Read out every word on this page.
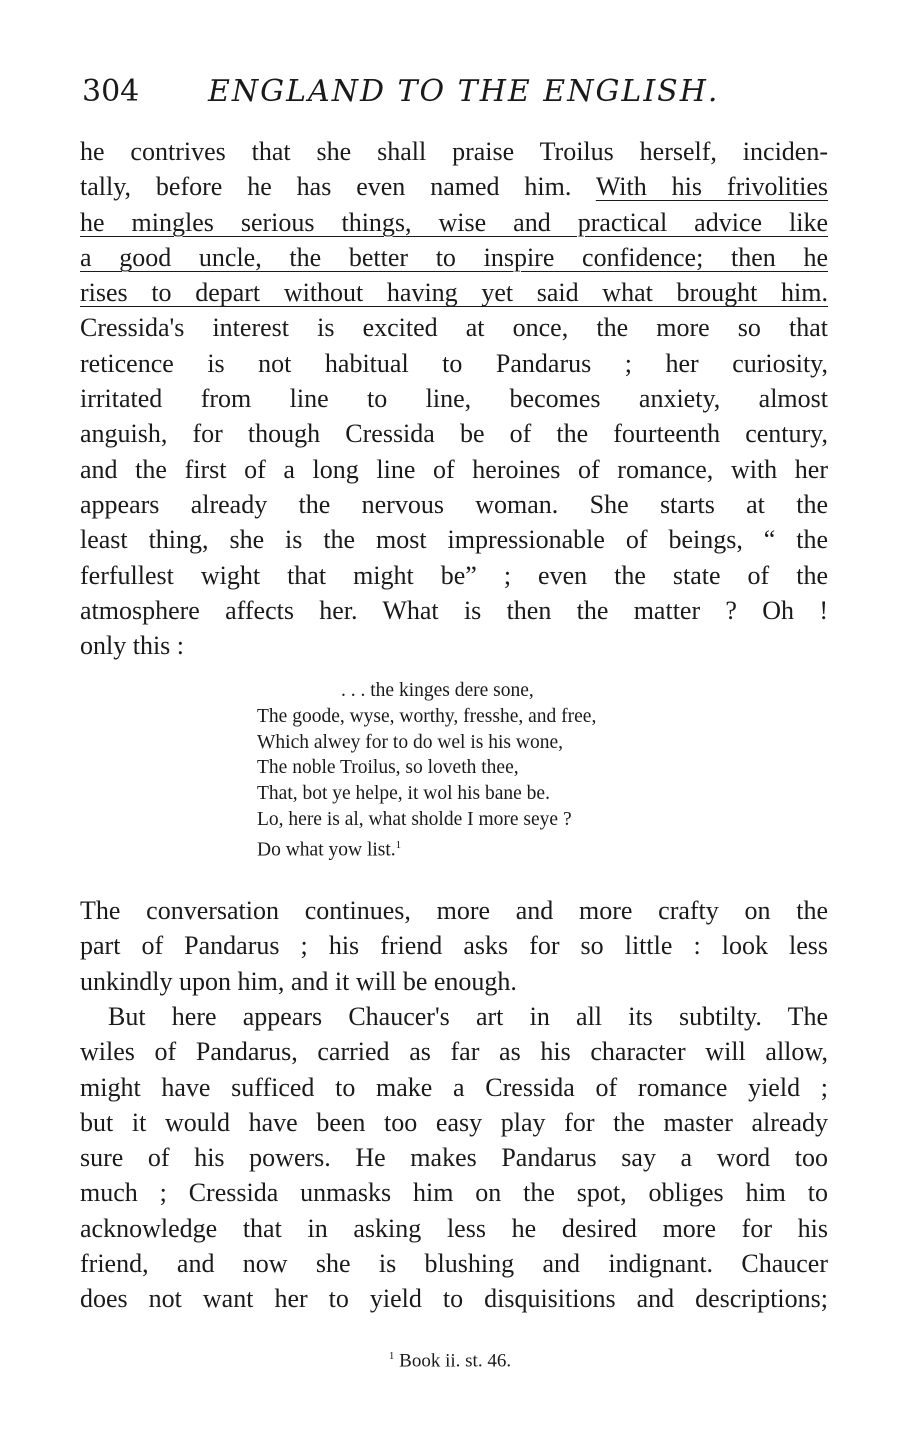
304 ENGLAND TO THE ENGLISH.
he contrives that she shall praise Troilus herself, inciden-
tally, before he has even named him. With his frivolities
he mingles serious things, wise and practical advice like
a good uncle, the better to inspire confidence; then he
rises to depart without having yet said what brought him.
Cressida's interest is excited at once, the more so that
reticence is not habitual to Pandarus ; her curiosity,
irritated from line to line, becomes anxiety, almost
anguish, for though Cressida be of the fourteenth century,
and the first of a long line of heroines of romance, with her
appears already the nervous woman. She starts at the
least thing, she is the most impressionable of beings, “ the
ferfullest wight that might be” ; even the state of the
atmosphere affects her. What is then the matter ? Oh !
only this :
. . . the kinges dere sone,
The goode, wyse, worthy, fresshe, and free,
Which alwey for to do wel is his wone,
The noble Troilus, so loveth thee,
That, bot ye helpe, it wol his bane be.
Lo, here is al, what sholde I more seye ?
Do what yow list.$^1$
The conversation continues, more and more crafty on the
part of Pandarus ; his friend asks for so little : look less
unkindly upon him, and it will be enough.
But here appears Chaucer's art in all its subtilty. The
wiles of Pandarus, carried as far as his character will allow,
might have sufficed to make a Cressida of romance yield ;
but it would have been too easy play for the master already
sure of his powers. He makes Pandarus say a word too
much ; Cressida unmasks him on the spot, obliges him to
acknowledge that in asking less he desired more for his
friend, and now she is blushing and indignant. Chaucer
does not want her to yield to disquisitions and descriptions;
$^1$ Book ii. st. 46.
